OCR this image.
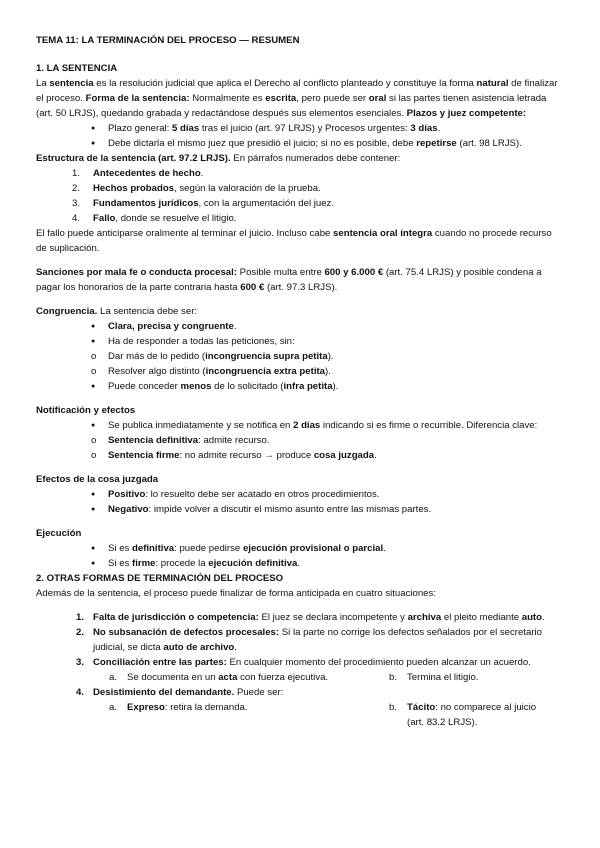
TEMA 11: LA TERMINACIÓN DEL PROCESO — RESUMEN

1. LA SENTENCIA

La sentencia es la resolución judicial que aplica el Derecho al conflicto planteado y constituye la forma natural de finalizar el proceso. Forma de la sentencia: Normalmente es escrita, pero puede ser oral si las partes tienen asistencia letrada (art. 50 LRJS), quedando grabada y redactándose después sus elementos esenciales. Plazos y juez competente:

● Plazo general: 5 días tras el juicio (art. 97 LRJS) y Procesos urgentes: 3 días.
● Debe dictarla el mismo juez que presidió el juicio; si no es posible, debe repetirse (art. 98 LRJS).

Estructura de la sentencia (art. 97.2 LRJS). En párrafos numerados debe contener:

1. Antecedentes de hecho.
2. Hechos probados, según la valoración de la prueba.
3. Fundamentos jurídicos, con la argumentación del juez.
4. Fallo, donde se resuelve el litigio.

El fallo puede anticiparse oralmente al terminar el juicio. Incluso cabe sentencia oral íntegra cuando no procede recurso de suplicación.

Sanciones por mala fe o conducta procesal: Posible multa entre 600 y 6.000 € (art. 75.4 LRJS) y posible condena a pagar los honorarios de la parte contraria hasta 600 € (art. 97.3 LRJS).

Congruencia. La sentencia debe ser:

● Clara, precisa y congruente.
● Ha de responder a todas las peticiones, sin:
o Dar más de lo pedido (incongruencia supra petita).
o Resolver algo distinto (incongruencia extra petita).
● Puede conceder menos de lo solicitado (infra petita).

Notificación y efectos

● Se publica inmediatamente y se notifica en 2 días indicando si es firme o recurrible. Diferencia clave:
o Sentencia definitiva: admite recurso.
o Sentencia firme: no admite recurso → produce cosa juzgada.

Efectos de la cosa juzgada

● Positivo: lo resuelto debe ser acatado en otros procedimientos.
● Negativo: impide volver a discutir el mismo asunto entre las mismas partes.

Ejecución

● Si es definitiva: puede pedirse ejecución provisional o parcial.
● Si es firme: procede la ejecución definitiva.

2. OTRAS FORMAS DE TERMINACIÓN DEL PROCESO

Además de la sentencia, el proceso puede finalizar de forma anticipada en cuatro situaciones:

1. Falta de jurisdicción o competencia: El juez se declara incompetente y archiva el pleito mediante auto.
2. No subsanación de defectos procesales: Si la parte no corrige los defectos señalados por el secretario judicial, se dicta auto de archivo.
3. Conciliación entre las partes: En cualquier momento del procedimiento pueden alcanzar un acuerdo.
a. Se documenta en un acta con fuerza ejecutiva.	b. Termina el litigio.
4. Desistimiento del demandante. Puede ser:
a. Expreso: retira la demanda.	b. Tácito: no comparece al juicio (art. 83.2 LRJS).
